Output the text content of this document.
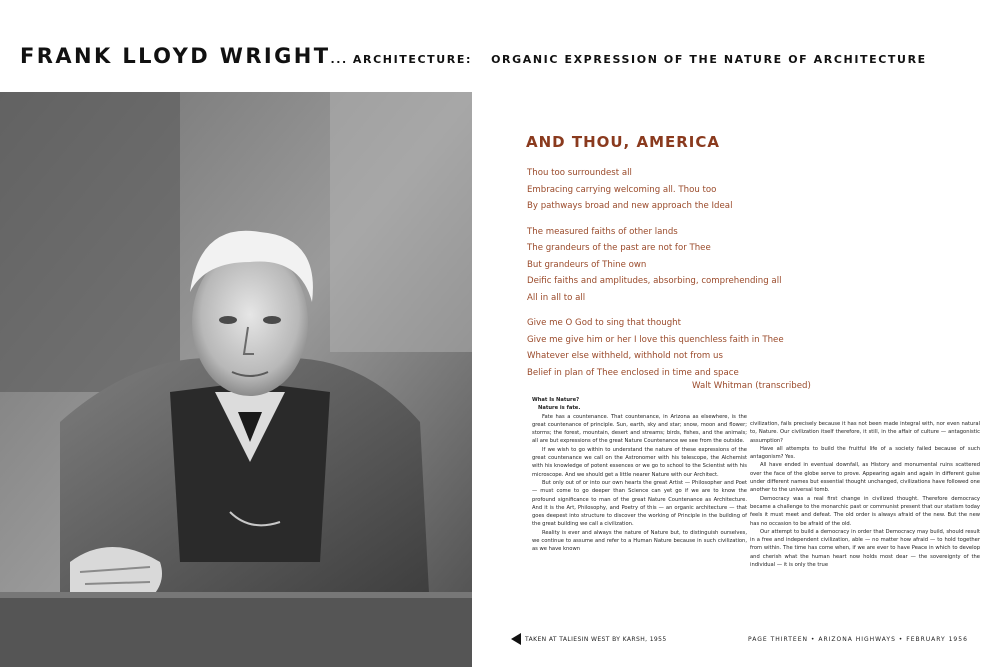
FRANK LLOYD WRIGHT... ARCHITECTURE: ORGANIC EXPRESSION OF THE NATURE OF ARCHITECTURE
TAKEN AT TALIESIN WEST BY KARSH, 1955	PAGE THIRTEEN • ARIZONA HIGHWAYS • FEBRUARY 1956
AND THOU, AMERICA
Thou too surroundest all
Embracing carrying welcoming all. Thou too
By pathways broad and new approach the Ideal
The measured faiths of other lands
The grandeurs of the past are not for Thee
But grandeurs of Thine own
Deific faiths and amplitudes, absorbing, comprehending all
All in all to all
Give me O God to sing that thought
Give me give him or her I love this quenchless faith in Thee
Whatever else withheld, withhold not from us
Belief in plan of Thee enclosed in time and space
Walt Whitman (transcribed)

What Is Nature?

Nature is fate.

Fate has a countenance. That countenance, in Arizona as elsewhere, is the great countenance of principle. Sun, earth, sky and star; snow, moon and flower; storms; the forest, mountain, desert and streams; birds, fishes, and the animals; all are but expressions of the great Nature Countenance we see from the outside.

If we wish to go within to understand the nature of these expressions of the great countenance we call on the Astronomer with his telescope, the Alchemist with his knowledge of potent essences or we go to school to the Scientist with his microscope. And we should get a little nearer Nature with our Architect.

But only out of or into our own hearts the great Artist — Philosopher and Poet — must come to go deeper than Science can yet go if we are to know the profound significance to man of the great Nature Countenance as Architecture. And it is the Art, Philosophy, and Poetry of this — an organic architecture — that goes deepest into structure to discover the working of Principle in the building of the great building we call a civilization.

Reality is ever and always the nature of Nature but, to distinguish ourselves, we continue to assume and refer to a Human Nature because in such civilization, as we have known

civilization, fails precisely because it has not been made integral with, nor even natural to, Nature. Our civilization itself therefore, it still, in the affair of culture — antagonistic assumption?

Have all attempts to build the fruitful life of a society failed because of such antagonism? Yes.

All have ended in eventual downfall, as History and monumental ruins scattered over the face of the globe serve to prove. Appearing again and again in different guise under different names but essential thought unchanged, civilizations have followed one another to the universal tomb.

Democracy was a real first change in civilized thought. Therefore democracy became a challenge to the monarchic past or communist present that our statism today feels it must meet and defeat. The old order is always afraid of the new. But the new has no occasion to be afraid of the old.

Our attempt to build a democracy in order that Democracy may build, should result in a free and independent civilization, able — no matter how afraid — to hold together from within. The time has come when, if we are ever to have Peace in which to develop and cherish what the human heart now holds most dear — the sovereignty of the individual — it is only the true
